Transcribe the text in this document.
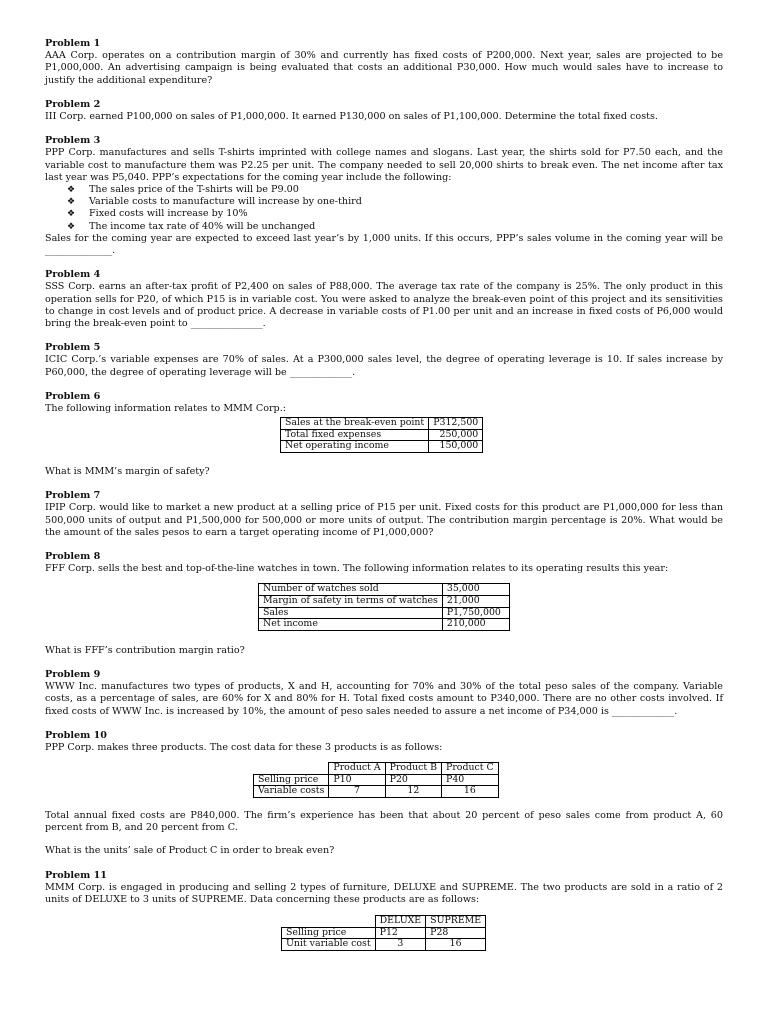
Problem 1

AAA Corp. operates on a contribution margin of 30% and currently has fixed costs of P200,000. Next year, sales are projected to be P1,000,000. An advertising campaign is being evaluated that costs an additional P30,000. How much would sales have to increase to justify the additional expenditure?

Problem 2

III Corp. earned P100,000 on sales of P1,000,000. It earned P130,000 on sales of P1,100,000. Determine the total fixed costs.

Problem 3

PPP Corp. manufactures and sells T-shirts imprinted with college names and slogans. Last year, the shirts sold for P7.50 each, and the variable cost to manufacture them was P2.25 per unit. The company needed to sell 20,000 shirts to break even. The net income after tax last year was P5,040. PPP’s expectations for the coming year include the following:

❖ The sales price of the T-shirts will be P9.00
❖ Variable costs to manufacture will increase by one-third
❖ Fixed costs will increase by 10%
❖ The income tax rate of 40% will be unchanged

Sales for the coming year are expected to exceed last year’s by 1,000 units. If this occurs, PPP’s sales volume in the coming year will be ______________.

Problem 4

SSS Corp. earns an after-tax profit of P2,400 on sales of P88,000. The average tax rate of the company is 25%. The only product in this operation sells for P20, of which P15 is in variable cost. You were asked to analyze the break-even point of this project and its sensitivities to change in cost levels and of product price. A decrease in variable costs of P1.00 per unit and an increase in fixed costs of P6,000 would bring the break-even point to _______________.

Problem 5

ICIC Corp.’s variable expenses are 70% of sales. At a P300,000 sales level, the degree of operating leverage is 10. If sales increase by P60,000, the degree of operating leverage will be _____________.

Problem 6

The following information relates to MMM Corp.:

Sales at the break-even point	P312,500
Total fixed expenses	250,000
Net operating income	150,000

What is MMM’s margin of safety?

Problem 7

IPIP Corp. would like to market a new product at a selling price of P15 per unit. Fixed costs for this product are P1,000,000 for less than 500,000 units of output and P1,500,000 for 500,000 or more units of output. The contribution margin percentage is 20%. What would be the amount of the sales pesos to earn a target operating income of P1,000,000?

Problem 8

FFF Corp. sells the best and top-of-the-line watches in town. The following information relates to its operating results this year:

Number of watches sold	35,000
Margin of safety in terms of watches	21,000
Sales	P1,750,000
Net income	210,000

What is FFF’s contribution margin ratio?

Problem 9

WWW Inc. manufactures two types of products, X and H, accounting for 70% and 30% of the total peso sales of the company. Variable costs, as a percentage of sales, are 60% for X and 80% for H. Total fixed costs amount to P340,000. There are no other costs involved. If fixed costs of WWW Inc. is increased by 10%, the amount of peso sales needed to assure a net income of P34,000 is _____________.

Problem 10

PPP Corp. makes three products. The cost data for these 3 products is as follows:

	Product A	Product B	Product C
Selling price	P10	P20	P40
Variable costs	7	12	16

Total annual fixed costs are P840,000. The firm’s experience has been that about 20 percent of peso sales come from product A, 60 percent from B, and 20 percent from C.

What is the units’ sale of Product C in order to break even?

Problem 11

MMM Corp. is engaged in producing and selling 2 types of furniture, DELUXE and SUPREME. The two products are sold in a ratio of 2 units of DELUXE to 3 units of SUPREME. Data concerning these products are as follows:

	DELUXE	SUPREME
Selling price	P12	P28
Unit variable cost	3	16
